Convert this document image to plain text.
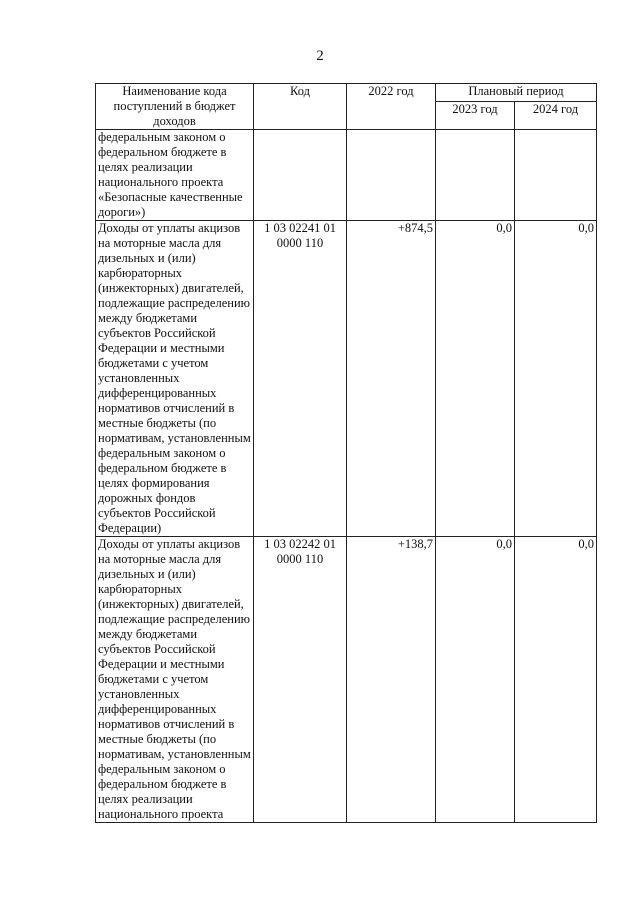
2
Наименование кода поступлений в бюджет доходов	Код	2022 год	Плановый период	
			2023 год	2024 год
федеральным законом о федеральном бюджете в целях реализации национального проекта «Безопасные качественные дороги»)				
Доходы от уплаты акцизов на моторные масла для дизельных и (или) карбюраторных (инжекторных) двигателей, подлежащие распределению между бюджетами субъектов Российской Федерации и местными бюджетами с учетом установленных дифференцированных нормативов отчислений в местные бюджеты (по нормативам, установленным федеральным законом о федеральном бюджете в целях формирования дорожных фондов субъектов Российской Федерации)	1 03 02241 01 0000 110	+874,5	0,0	0,0
Доходы от уплаты акцизов на моторные масла для дизельных и (или) карбюраторных (инжекторных) двигателей, подлежащие распределению между бюджетами субъектов Российской Федерации и местными бюджетами с учетом установленных дифференцированных нормативов отчислений в местные бюджеты (по нормативам, установленным федеральным законом о федеральном бюджете в целях реализации национального проекта	1 03 02242 01 0000 110	+138,7	0,0	0,0
